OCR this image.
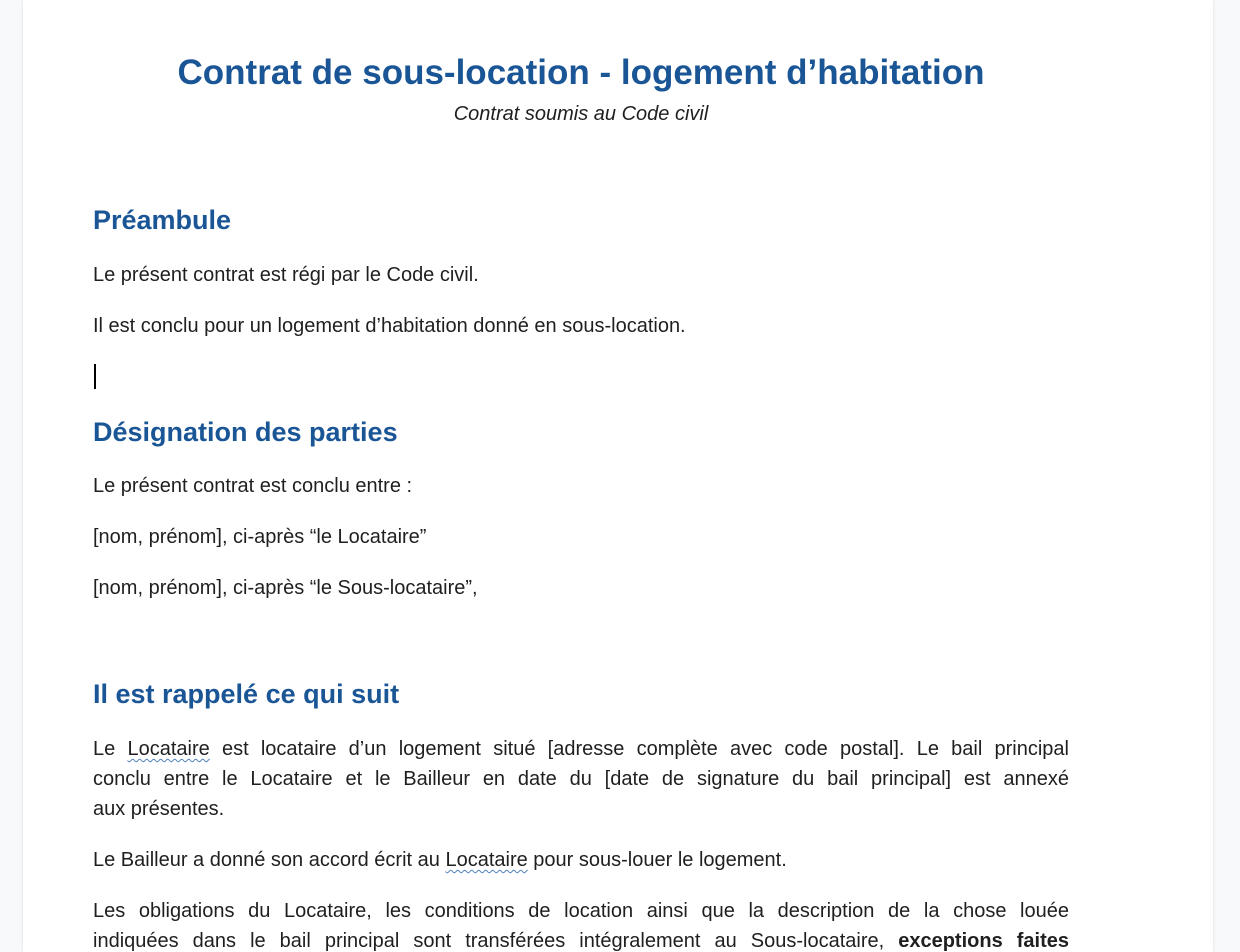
Contrat de sous-location - logement d’habitation
Contrat soumis au Code civil
Préambule

Le présent contrat est régi par le Code civil.

Il est conclu pour un logement d’habitation donné en sous-location.

Désignation des parties

Le présent contrat est conclu entre :

[nom, prénom], ci-après “le Locataire”

[nom, prénom], ci-après “le Sous-locataire”,

Il est rappelé ce qui suit
Le Locataire est locataire d’un logement situé [adresse complète avec code postal]. Le bail principal
conclu entre le Locataire et le Bailleur en date du [date de signature du bail principal] est annexé
aux présentes.

Le Bailleur a donné son accord écrit au Locataire pour sous-louer le logement.

Les obligations du Locataire, les conditions de location ainsi que la description de la chose louée
indiquées dans le bail principal sont transférées intégralement au Sous-locataire, exceptions faites
